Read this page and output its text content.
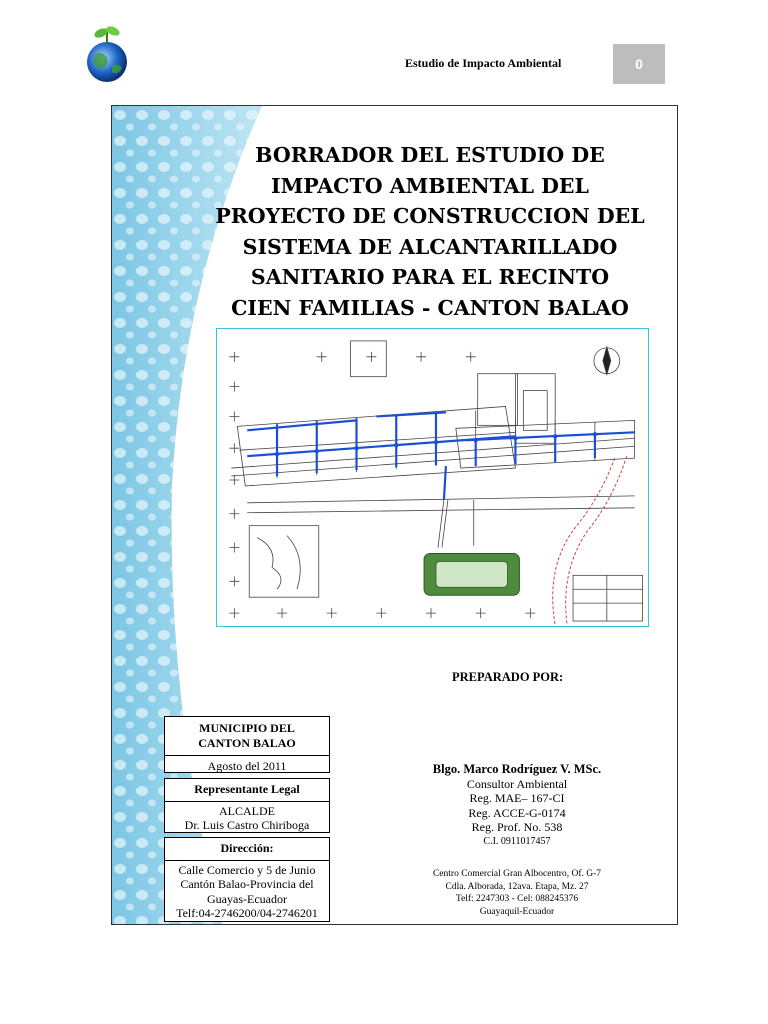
Estudio de Impacto Ambiental	0
BORRADOR DEL ESTUDIO DE
IMPACTO AMBIENTAL DEL
PROYECTO DE CONSTRUCCION DEL
SISTEMA DE ALCANTARILLADO
SANITARIO PARA EL RECINTO
CIEN FAMILIAS - CANTON BALAO
PREPARADO POR:
MUNICIPIO DEL
CANTON BALAO
Agosto del 2011
Representante Legal
ALCALDE
Dr. Luis Castro Chiriboga
Dirección:
Calle Comercio y 5 de Junio
Cantón Balao-Provincia del
Guayas-Ecuador
Telf:04-2746200/04-2746201
Blgo. Marco Rodríguez V. MSc.
Consultor Ambiental
Reg. MAE– 167-CI
Reg. ACCE-G-0174
Reg. Prof. No. 538
C.I. 0911017457
Centro Comercial Gran Albocentro, Of. G-7
Cdla. Alborada, 12ava. Etapa, Mz. 27
Telf: 2247303 - Cel: 088245376
Guayaquil-Ecuador
